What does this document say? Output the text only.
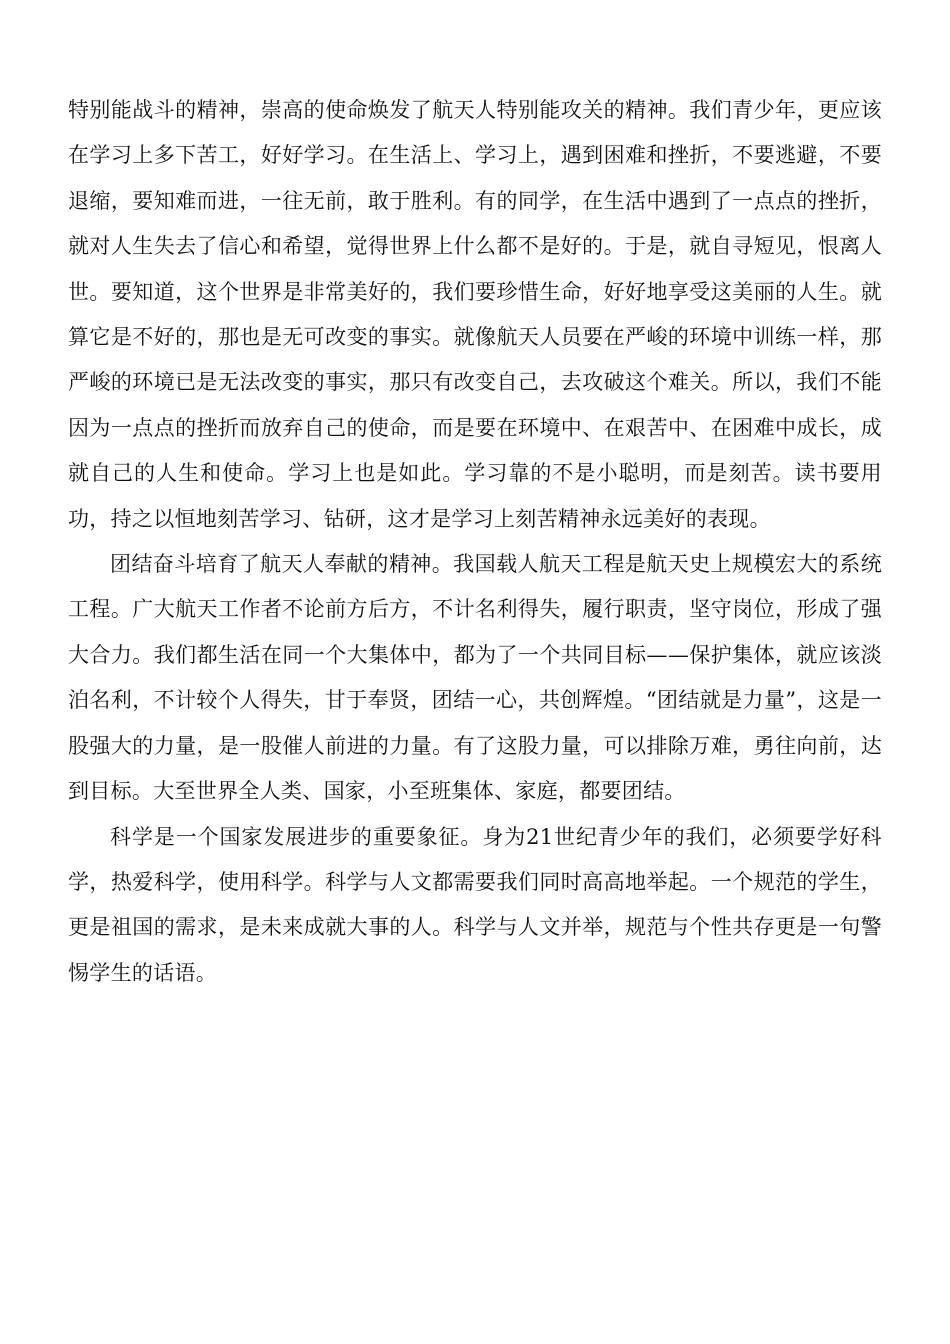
特别能战斗的精神，崇高的使命焕发了航天人特别能攻关的精神。我们青少年，更应该在学习上多下苦工，好好学习。在生活上、学习上，遇到困难和挫折，不要逃避，不要退缩，要知难而进，一往无前，敢于胜利。有的同学，在生活中遇到了一点点的挫折，就对人生失去了信心和希望，觉得世界上什么都不是好的。于是，就自寻短见，恨离人世。要知道，这个世界是非常美好的，我们要珍惜生命，好好地享受这美丽的人生。就算它是不好的，那也是无可改变的事实。就像航天人员要在严峻的环境中训练一样，那严峻的环境已是无法改变的事实，那只有改变自己，去攻破这个难关。所以，我们不能因为一点点的挫折而放弃自己的使命，而是要在环境中、在艰苦中、在困难中成长，成就自己的人生和使命。学习上也是如此。学习靠的不是小聪明，而是刻苦。读书要用功，持之以恒地刻苦学习、钻研，这才是学习上刻苦精神永远美好的表现。

团结奋斗培育了航天人奉献的精神。我国载人航天工程是航天史上规模宏大的系统工程。广大航天工作者不论前方后方，不计名利得失，履行职责，坚守岗位，形成了强大合力。我们都生活在同一个大集体中，都为了一个共同目标——保护集体，就应该淡泊名利，不计较个人得失，甘于奉贤，团结一心，共创辉煌。“团结就是力量”，这是一股强大的力量，是一股催人前进的力量。有了这股力量，可以排除万难，勇往向前，达到目标。大至世界全人类、国家，小至班集体、家庭，都要团结。

科学是一个国家发展进步的重要象征。身为21世纪青少年的我们，必须要学好科学，热爱科学，使用科学。科学与人文都需要我们同时高高地举起。一个规范的学生，更是祖国的需求，是未来成就大事的人。科学与人文并举，规范与个性共存更是一句警惕学生的话语。
